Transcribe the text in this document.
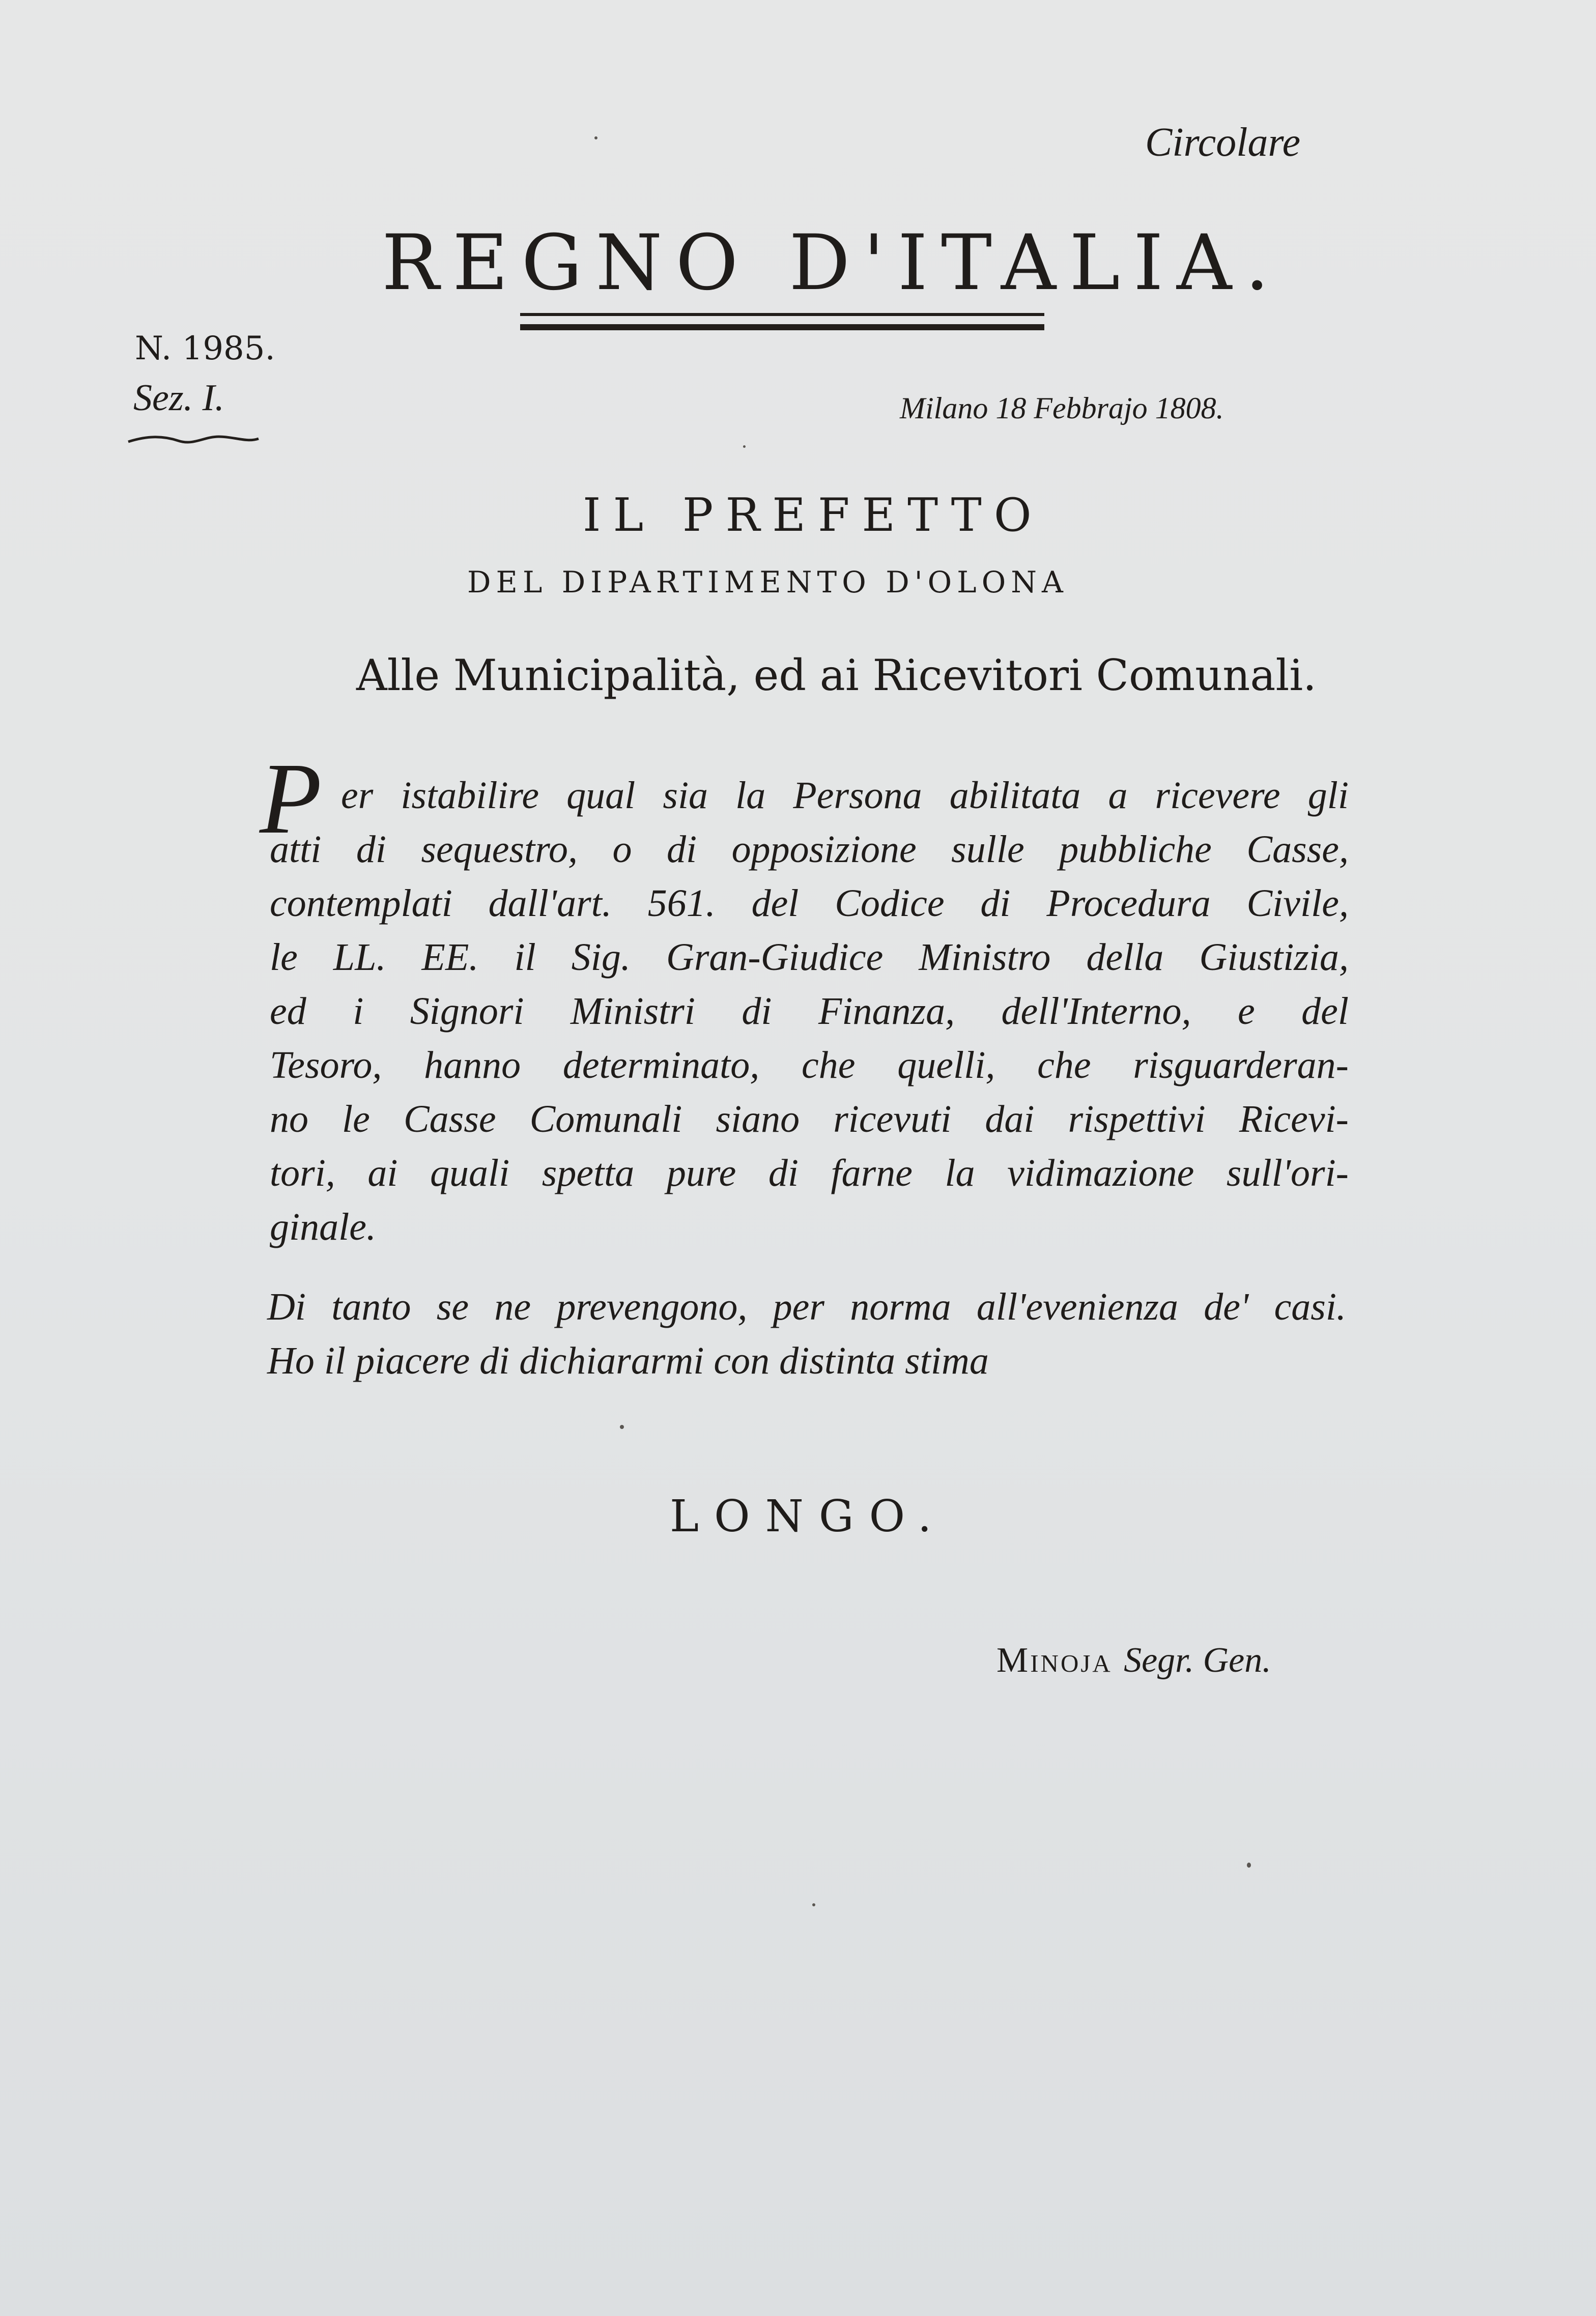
Circolare
REGNO D'ITALIA.
N. 1985.
Sez. I.	Milano 18 Febbrajo 1808.
IL PREFETTO
DEL DIPARTIMENTO D'OLONA
Alle Municipalità, ed ai Ricevitori Comunali.
P er istabilire qual sia la Persona abilitata a ricevere gli
atti di sequestro, o di opposizione sulle pubbliche Casse,
contemplati dall'art. 561. del Codice di Procedura Civile,
le LL. EE. il Sig. Gran-Giudice Ministro della Giustizia,
ed i Signori Ministri di Finanza, dell'Interno, e del
Tesoro, hanno determinato, che quelli, che risguarderan-
no le Casse Comunali siano ricevuti dai rispettivi Ricevi-
tori, ai quali spetta pure di farne la vidimazione sull'ori-
ginale.
Di tanto se ne prevengono, per norma all'evenienza de' casi.
Ho il piacere di dichiararmi con distinta stima
LONGO.
Minoja Segr. Gen.
